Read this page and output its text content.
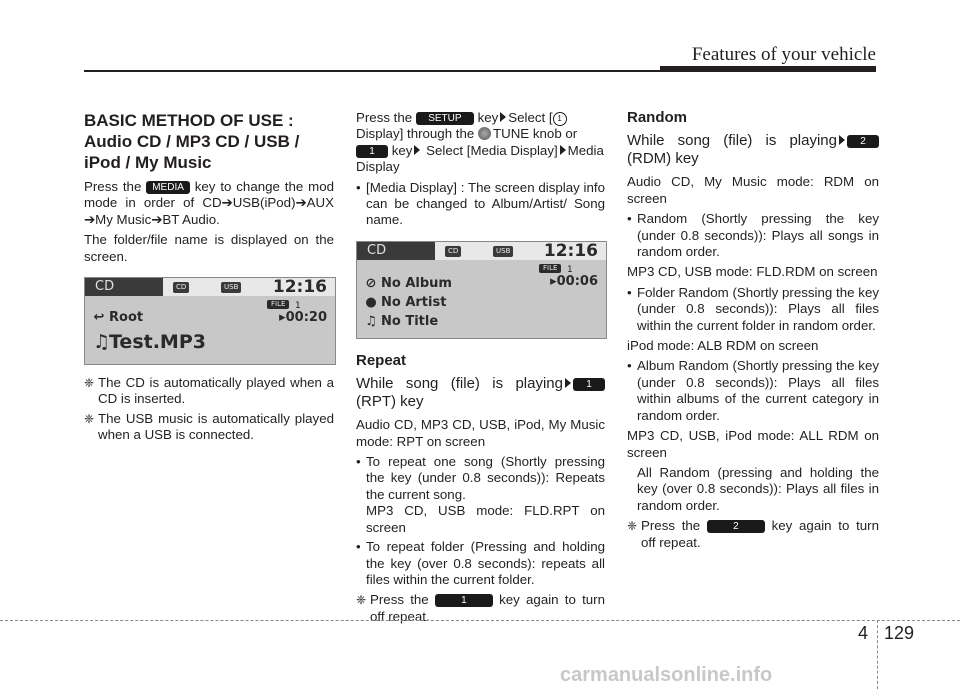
Features of your vehicle
BASIC METHOD OF USE :
Audio CD / MP3 CD / USB / iPod / My Music

Press the MEDIA key to change the mod mode in order of CD➔USB(iPod)➔AUX ➔My Music➔BT Audio.

The folder/file name is displayed on the screen.

CD	CD	USB 12:16
FILE	1
↩ Root	▸00:20
♫Test.MP3
❈ The CD is automatically played when a CD is inserted.
❈ The USB music is automatically played when a USB is connected.

Press the SETUP key Select [ 1Display] through the TUNE knob or 1 key Select [Media Display] Media Display

• [Media Display] : The screen display info can be changed to Album/Artist/ Song name.
CD	CD	USB 12:16
FILE	1
▸00:06
⊘ No Album
● No Artist
♫ No Title
Repeat
While song (file) is playing 1 (RPT) key

Audio CD, MP3 CD, USB, iPod, My Music mode: RPT on screen

• To repeat one song (Shortly pressing the key (under 0.8 seconds)): Repeats the current song.
MP3 CD, USB mode: FLD.RPT on screen
• To repeat folder (Pressing and holding the key (over 0.8 seconds): repeats all files within the current folder.
❈ Press the	1 key again to turn off repeat.
Random
While song (file) is playing 2 (RDM) key

Audio CD, My Music mode: RDM on screen

• Random (Shortly pressing the key (under 0.8 seconds)): Plays all songs in random order.

MP3 CD, USB mode: FLD.RDM on screen

• Folder Random (Shortly pressing the key (under 0.8 seconds)): Plays all files within the current folder in random order.

iPod mode: ALB RDM on screen

• Album Random (Shortly pressing the key (under 0.8 seconds)): Plays all files within albums of the current category in random order.

MP3 CD, USB, iPod mode: ALL RDM on screen

All Random (pressing and holding the key (over 0.8 seconds)): Plays all files in random order.

❈ Press the	2 key again to turn off repeat.
4 129
carmanualsonline.info
